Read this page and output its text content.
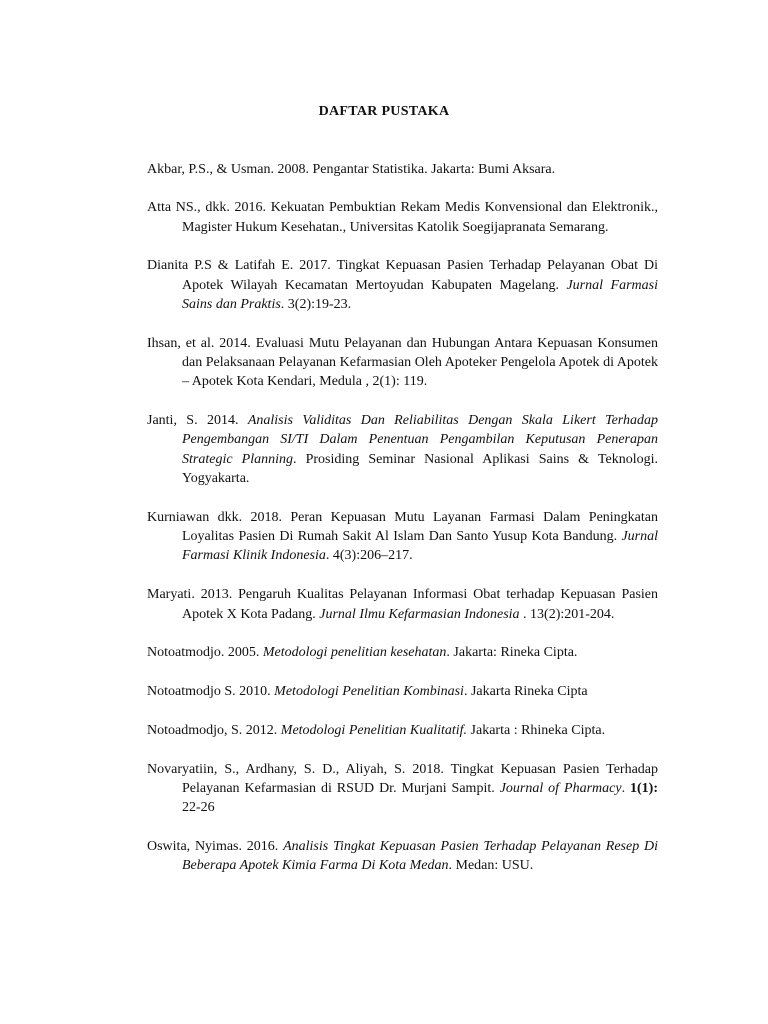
DAFTAR PUSTAKA

Akbar, P.S., & Usman. 2008. Pengantar Statistika. Jakarta: Bumi Aksara.

Atta NS., dkk. 2016. Kekuatan Pembuktian Rekam Medis Konvensional dan Elektronik., Magister Hukum Kesehatan., Universitas Katolik Soegijapranata Semarang.

Dianita P.S & Latifah E. 2017. Tingkat Kepuasan Pasien Terhadap Pelayanan Obat Di Apotek Wilayah Kecamatan Mertoyudan Kabupaten Magelang. Jurnal Farmasi Sains dan Praktis. 3(2):19-23.

Ihsan, et al. 2014. Evaluasi Mutu Pelayanan dan Hubungan Antara Kepuasan Konsumen dan Pelaksanaan Pelayanan Kefarmasian Oleh Apoteker Pengelola Apotek di Apotek – Apotek Kota Kendari, Medula , 2(1): 119.

Janti, S. 2014. Analisis Validitas Dan Reliabilitas Dengan Skala Likert Terhadap Pengembangan SI/TI Dalam Penentuan Pengambilan Keputusan Penerapan Strategic Planning. Prosiding Seminar Nasional Aplikasi Sains & Teknologi. Yogyakarta.

Kurniawan dkk. 2018. Peran Kepuasan Mutu Layanan Farmasi Dalam Peningkatan Loyalitas Pasien Di Rumah Sakit Al Islam Dan Santo Yusup Kota Bandung. Jurnal Farmasi Klinik Indonesia. 4(3):206–217.

Maryati. 2013. Pengaruh Kualitas Pelayanan Informasi Obat terhadap Kepuasan Pasien Apotek X Kota Padang. Jurnal Ilmu Kefarmasian Indonesia . 13(2):201-204.

Notoatmodjo. 2005. Metodologi penelitian kesehatan. Jakarta: Rineka Cipta.

Notoatmodjo S. 2010. Metodologi Penelitian Kombinasi. Jakarta Rineka Cipta

Notoadmodjo, S. 2012. Metodologi Penelitian Kualitatif. Jakarta : Rhineka Cipta.

Novaryatiin, S., Ardhany, S. D., Aliyah, S. 2018. Tingkat Kepuasan Pasien Terhadap Pelayanan Kefarmasian di RSUD Dr. Murjani Sampit. Journal of Pharmacy. 1(1): 22-26

Oswita, Nyimas. 2016. Analisis Tingkat Kepuasan Pasien Terhadap Pelayanan Resep Di Beberapa Apotek Kimia Farma Di Kota Medan. Medan: USU.
